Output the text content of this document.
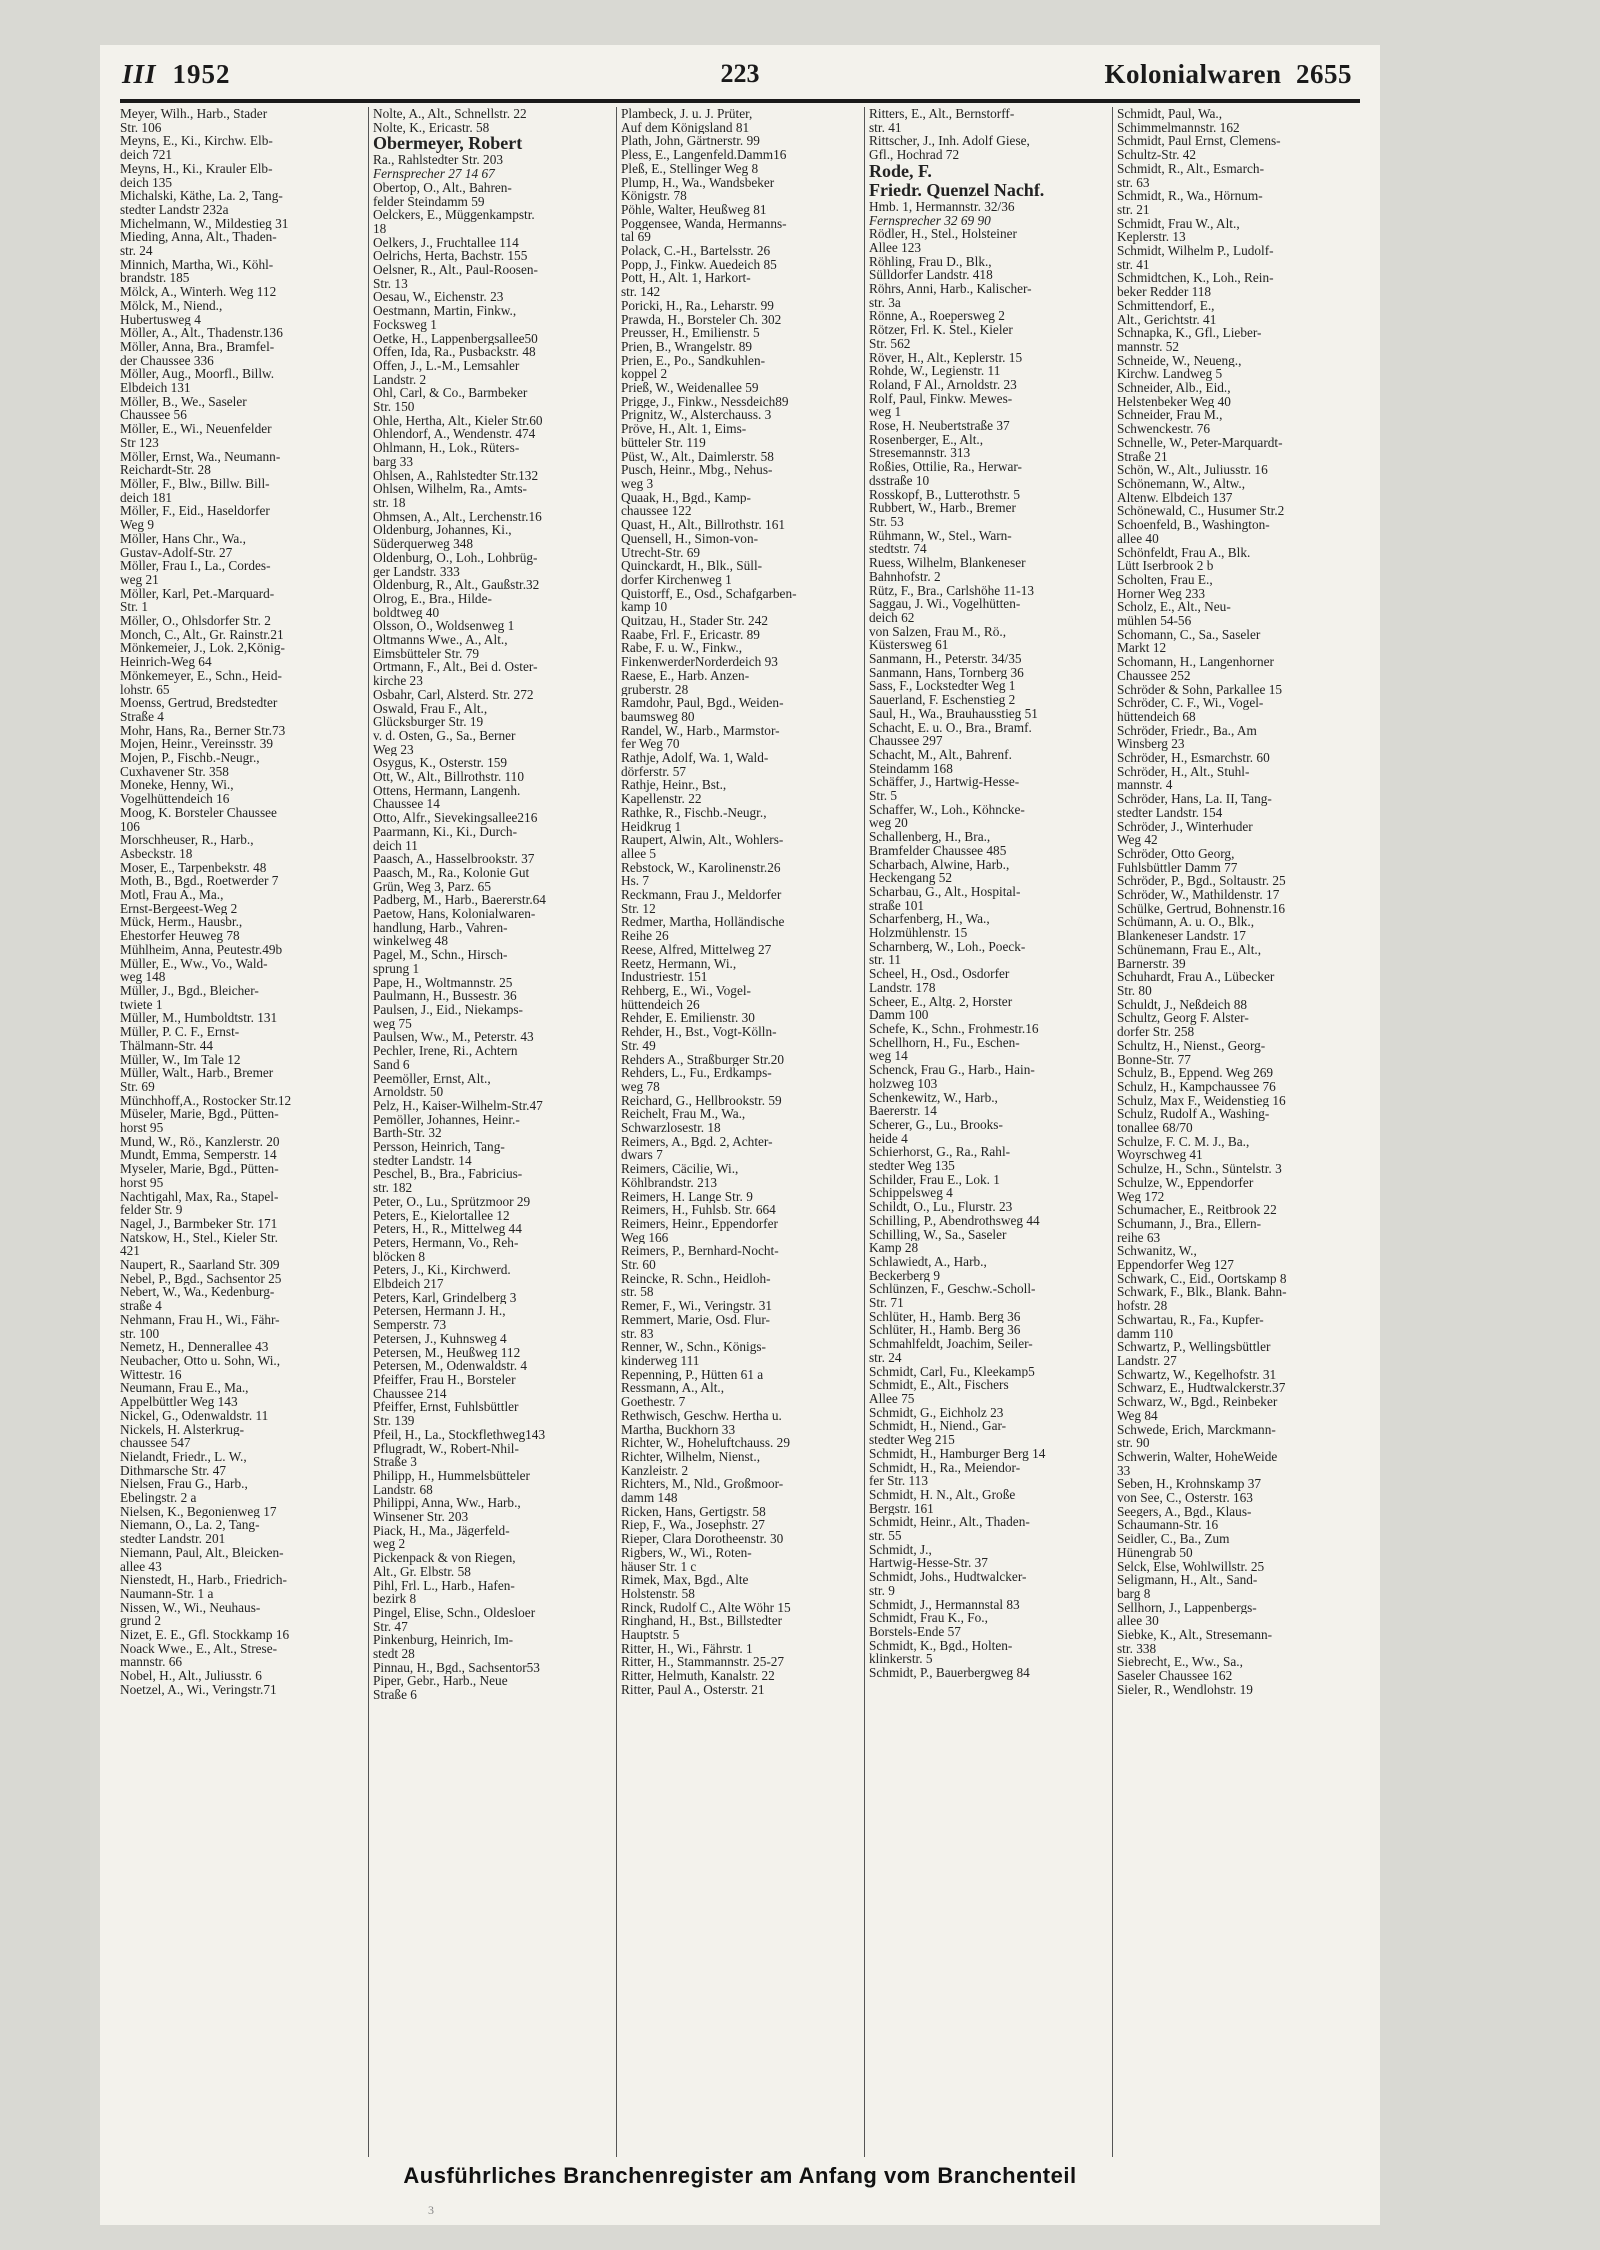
III 1952	223	Kolonialwaren 2655
Meyer, Wilh., Harb., Stader
Str. 106
Meyns, E., Ki., Kirchw. Elb-
deich 721
Meyns, H., Ki., Krauler Elb-
deich 135
Michalski, Käthe, La. 2, Tang-
stedter Landstr 232a
Michelmann, W., Mildestieg 31
Mieding, Anna, Alt., Thaden-
str. 24
Minnich, Martha, Wi., Köhl-
brandstr. 185
Mölck, A., Winterh. Weg 112
Mölck, M., Niend.,
Hubertusweg 4
Möller, A., Alt., Thadenstr.136
Möller, Anna, Bra., Bramfel-
der Chaussee 336
Möller, Aug., Moorfl., Billw.
Elbdeich 131
Möller, B., We., Saseler
Chaussee 56
Möller, E., Wi., Neuenfelder
Str 123
Möller, Ernst, Wa., Neumann-
Reichardt-Str. 28
Möller, F., Blw., Billw. Bill-
deich 181
Möller, F., Eid., Haseldorfer
Weg 9
Möller, Hans Chr., Wa.,
Gustav-Adolf-Str. 27
Möller, Frau I., La., Cordes-
weg 21
Möller, Karl, Pet.-Marquard-
Str. 1
Möller, O., Ohlsdorfer Str. 2
Monch, C., Alt., Gr. Rainstr.21
Mönkemeier, J., Lok. 2,König-
Heinrich-Weg 64
Mönkemeyer, E., Schn., Heid-
lohstr. 65
Moenss, Gertrud, Bredstedter
Straße 4
Mohr, Hans, Ra., Berner Str.73
Mojen, Heinr., Vereinsstr. 39
Mojen, P., Fischb.-Neugr.,
Cuxhavener Str. 358
Moneke, Henny, Wi.,
Vogelhüttendeich 16
Moog, K. Borsteler Chaussee
106
Morschheuser, R., Harb.,
Asbeckstr. 18
Moser, E., Tarpenbekstr. 48
Moth, B., Bgd., Roetwerder 7
Motl, Frau A., Ma.,
Ernst-Bergeest-Weg 2
Mück, Herm., Hausbr.,
Ehestorfer Heuweg 78
Mühlheim, Anna, Peutestr.49b
Müller, E., Ww., Vo., Wald-
weg 148
Müller, J., Bgd., Bleicher-
twiete 1
Müller, M., Humboldtstr. 131
Müller, P. C. F., Ernst-
Thälmann-Str. 44
Müller, W., Im Tale 12
Müller, Walt., Harb., Bremer
Str. 69
Münchhoff,A., Rostocker Str.12
Müseler, Marie, Bgd., Pütten-
horst 95
Mund, W., Rö., Kanzlerstr. 20
Mundt, Emma, Semperstr. 14
Myseler, Marie, Bgd., Pütten-
horst 95
Nachtigahl, Max, Ra., Stapel-
felder Str. 9
Nagel, J., Barmbeker Str. 171
Natskow, H., Stel., Kieler Str.
421
Naupert, R., Saarland Str. 309
Nebel, P., Bgd., Sachsentor 25
Nebert, W., Wa., Kedenburg-
straße 4
Nehmann, Frau H., Wi., Fähr-
str. 100
Nemetz, H., Dennerallee 43
Neubacher, Otto u. Sohn, Wi.,
Wittestr. 16
Neumann, Frau E., Ma.,
Appelbüttler Weg 143
Nickel, G., Odenwaldstr. 11
Nickels, H. Alsterkrug-
chaussee 547
Nielandt, Friedr., L. W.,
Dithmarsche Str. 47
Nielsen, Frau G., Harb.,
Ebelingstr. 2 a
Nielsen, K., Begonienweg 17
Niemann, O., La. 2, Tang-
stedter Landstr. 201
Niemann, Paul, Alt., Bleicken-
allee 43
Nienstedt, H., Harb., Friedrich-
Naumann-Str. 1 a
Nissen, W., Wi., Neuhaus-
grund 2
Nizet, E. E., Gfl. Stockkamp 16
Noack Wwe., E., Alt., Strese-
mannstr. 66
Nobel, H., Alt., Juliusstr. 6
Noetzel, A., Wi., Veringstr.71
Nolte, A., Alt., Schnellstr. 22
Nolte, K., Ericastr. 58
Obermeyer, Robert
Ra., Rahlstedter Str. 203
Fernsprecher 27 14 67
Obertop, O., Alt., Bahren-
felder Steindamm 59
Oelckers, E., Müggenkampstr.
18
Oelkers, J., Fruchtallee 114
Oelrichs, Herta, Bachstr. 155
Oelsner, R., Alt., Paul-Roosen-
Str. 13
Oesau, W., Eichenstr. 23
Oestmann, Martin, Finkw.,
Focksweg 1
Oetke, H., Lappenbergsallee50
Offen, Ida, Ra., Pusbackstr. 48
Offen, J., L.-M., Lemsahler
Landstr. 2
Ohl, Carl, & Co., Barmbeker
Str. 150
Ohle, Hertha, Alt., Kieler Str.60
Ohlendorf, A., Wendenstr. 474
Ohlmann, H., Lok., Rüters-
barg 33
Ohlsen, A., Rahlstedter Str.132
Ohlsen, Wilhelm, Ra., Amts-
str. 18
Ohmsen, A., Alt., Lerchenstr.16
Oldenburg, Johannes, Ki.,
Süderquerweg 348
Oldenburg, O., Loh., Lohbrüg-
ger Landstr. 333
Oldenburg, R., Alt., Gaußstr.32
Olrog, E., Bra., Hilde-
boldtweg 40
Olsson, O., Woldsenweg 1
Oltmanns Wwe., A., Alt.,
Eimsbütteler Str. 79
Ortmann, F., Alt., Bei d. Oster-
kirche 23
Osbahr, Carl, Alsterd. Str. 272
Oswald, Frau F., Alt.,
Glücksburger Str. 19
v. d. Osten, G., Sa., Berner
Weg 23
Osygus, K., Osterstr. 159
Ott, W., Alt., Billrothstr. 110
Ottens, Hermann, Langenh.
Chaussee 14
Otto, Alfr., Sievekingsallee216
Paarmann, Ki., Ki., Durch-
deich 11
Paasch, A., Hasselbrookstr. 37
Paasch, M., Ra., Kolonie Gut
Grün, Weg 3, Parz. 65
Padberg, M., Harb., Baererstr.64
Paetow, Hans, Kolonialwaren-
handlung, Harb., Vahren-
winkelweg 48
Pagel, M., Schn., Hirsch-
sprung 1
Pape, H., Woltmannstr. 25
Paulmann, H., Bussestr. 36
Paulsen, J., Eid., Niekamps-
weg 75
Paulsen, Ww., M., Peterstr. 43
Pechler, Irene, Ri., Achtern
Sand 6
Peemöller, Ernst, Alt.,
Arnoldstr. 50
Pelz, H., Kaiser-Wilhelm-Str.47
Pemöller, Johannes, Heinr.-
Barth-Str. 32
Persson, Heinrich, Tang-
stedter Landstr. 14
Peschel, B., Bra., Fabricius-
str. 182
Peter, O., Lu., Sprützmoor 29
Peters, E., Kielortallee 12
Peters, H., R., Mittelweg 44
Peters, Hermann, Vo., Reh-
blöcken 8
Peters, J., Ki., Kirchwerd.
Elbdeich 217
Peters, Karl, Grindelberg 3
Petersen, Hermann J. H.,
Semperstr. 73
Petersen, J., Kuhnsweg 4
Petersen, M., Heußweg 112
Petersen, M., Odenwaldstr. 4
Pfeiffer, Frau H., Borsteler
Chaussee 214
Pfeiffer, Ernst, Fuhlsbüttler
Str. 139
Pfeil, H., La., Stockflethweg143
Pflugradt, W., Robert-Nhil-
Straße 3
Philipp, H., Hummelsbütteler
Landstr. 68
Philippi, Anna, Ww., Harb.,
Winsener Str. 203
Piack, H., Ma., Jägerfeld-
weg 2
Pickenpack & von Riegen,
Alt., Gr. Elbstr. 58
Pihl, Frl. L., Harb., Hafen-
bezirk 8
Pingel, Elise, Schn., Oldesloer
Str. 47
Pinkenburg, Heinrich, Im-
stedt 28
Pinnau, H., Bgd., Sachsentor53
Piper, Gebr., Harb., Neue
Straße 6
Plambeck, J. u. J. Prüter,
Auf dem Königsland 81
Plath, John, Gärtnerstr. 99
Pless, E., Langenfeld.Damm16
Pleß, E., Stellinger Weg 8
Plump, H., Wa., Wandsbeker
Königstr. 78
Pöhle, Walter, Heußweg 81
Poggensee, Wanda, Hermanns-
tal 69
Polack, C.-H., Bartelsstr. 26
Popp, J., Finkw. Auedeich 85
Pott, H., Alt. 1, Harkort-
str. 142
Poricki, H., Ra., Leharstr. 99
Prawda, H., Borsteler Ch. 302
Preusser, H., Emilienstr. 5
Prien, B., Wrangelstr. 89
Prien, E., Po., Sandkuhlen-
koppel 2
Prieß, W., Weidenallee 59
Prigge, J., Finkw., Nessdeich89
Prignitz, W., Alsterchauss. 3
Pröve, H., Alt. 1, Eims-
bütteler Str. 119
Püst, W., Alt., Daimlerstr. 58
Pusch, Heinr., Mbg., Nehus-
weg 3
Quaak, H., Bgd., Kamp-
chaussee 122
Quast, H., Alt., Billrothstr. 161
Quensell, H., Simon-von-
Utrecht-Str. 69
Quinckardt, H., Blk., Süll-
dorfer Kirchenweg 1
Quistorff, E., Osd., Schafgarben-
kamp 10
Quitzau, H., Stader Str. 242
Raabe, Frl. F., Ericastr. 89
Rabe, F. u. W., Finkw.,
FinkenwerderNorderdeich 93
Raese, E., Harb. Anzen-
gruberstr. 28
Ramdohr, Paul, Bgd., Weiden-
baumsweg 80
Randel, W., Harb., Marmstor-
fer Weg 70
Rathje, Adolf, Wa. 1, Wald-
dörferstr. 57
Rathje, Heinr., Bst.,
Kapellenstr. 22
Rathke, R., Fischb.-Neugr.,
Heidkrug 1
Raupert, Alwin, Alt., Wohlers-
allee 5
Rebstock, W., Karolinenstr.26
Hs. 7
Reckmann, Frau J., Meldorfer
Str. 12
Redmer, Martha, Holländische
Reihe 26
Reese, Alfred, Mittelweg 27
Reetz, Hermann, Wi.,
Industriestr. 151
Rehberg, E., Wi., Vogel-
hüttendeich 26
Rehder, E. Emilienstr. 30
Rehder, H., Bst., Vogt-Kölln-
Str. 49
Rehders A., Straßburger Str.20
Rehders, L., Fu., Erdkamps-
weg 78
Reichard, G., Hellbrookstr. 59
Reichelt, Frau M., Wa.,
Schwarzlosestr. 18
Reimers, A., Bgd. 2, Achter-
dwars 7
Reimers, Cäcilie, Wi.,
Köhlbrandstr. 213
Reimers, H. Lange Str. 9
Reimers, H., Fuhlsb. Str. 664
Reimers, Heinr., Eppendorfer
Weg 166
Reimers, P., Bernhard-Nocht-
Str. 60
Reincke, R. Schn., Heidloh-
str. 58
Remer, F., Wi., Veringstr. 31
Remmert, Marie, Osd. Flur-
str. 83
Renner, W., Schn., Königs-
kinderweg 111
Repenning, P., Hütten 61 a
Ressmann, A., Alt.,
Goethestr. 7
Rethwisch, Geschw. Hertha u.
Martha, Buckhorn 33
Richter, W., Hoheluftchauss. 29
Richter, Wilhelm, Nienst.,
Kanzleistr. 2
Richters, M., Nld., Großmoor-
damm 148
Ricken, Hans, Gertigstr. 58
Riep, F., Wa., Josephstr. 27
Rieper, Clara Dorotheenstr. 30
Rigbers, W., Wi., Roten-
häuser Str. 1 c
Rimek, Max, Bgd., Alte
Holstenstr. 58
Rinck, Rudolf C., Alte Wöhr 15
Ringhand, H., Bst., Billstedter
Hauptstr. 5
Ritter, H., Wi., Fährstr. 1
Ritter, H., Stammannstr. 25-27
Ritter, Helmuth, Kanalstr. 22
Ritter, Paul A., Osterstr. 21
Ritters, E., Alt., Bernstorff-
str. 41
Rittscher, J., Inh. Adolf Giese,
Gfl., Hochrad 72
Rode, F.
Friedr. Quenzel Nachf.
Hmb. 1, Hermannstr. 32/36
Fernsprecher 32 69 90
Rödler, H., Stel., Holsteiner
Allee 123
Röhling, Frau D., Blk.,
Sülldorfer Landstr. 418
Röhrs, Anni, Harb., Kalischer-
str. 3a
Rönne, A., Roepersweg 2
Rötzer, Frl. K. Stel., Kieler
Str. 562
Röver, H., Alt., Keplerstr. 15
Rohde, W., Legienstr. 11
Roland, F Al., Arnoldstr. 23
Rolf, Paul, Finkw. Mewes-
weg 1
Rose, H. Neubertstraße 37
Rosenberger, E., Alt.,
Stresemannstr. 313
Roßies, Ottilie, Ra., Herwar-
dsstraße 10
Rosskopf, B., Lutterothstr. 5
Rubbert, W., Harb., Bremer
Str. 53
Rühmann, W., Stel., Warn-
stedtstr. 74
Ruess, Wilhelm, Blankeneser
Bahnhofstr. 2
Rütz, F., Bra., Carlshöhe 11-13
Saggau, J. Wi., Vogelhütten-
deich 62
von Salzen, Frau M., Rö.,
Küstersweg 61
Sanmann, H., Peterstr. 34/35
Sanmann, Hans, Tornberg 36
Sass, F., Lockstedter Weg 1
Sauerland, F. Eschenstieg 2
Saul, H., Wa., Brauhausstieg 51
Schacht, E. u. O., Bra., Bramf.
Chaussee 297
Schacht, M., Alt., Bahrenf.
Steindamm 168
Schäffer, J., Hartwig-Hesse-
Str. 5
Schaffer, W., Loh., Köhncke-
weg 20
Schallenberg, H., Bra.,
Bramfelder Chaussee 485
Scharbach, Alwine, Harb.,
Heckengang 52
Scharbau, G., Alt., Hospital-
straße 101
Scharfenberg, H., Wa.,
Holzmühlenstr. 15
Scharnberg, W., Loh., Poeck-
str. 11
Scheel, H., Osd., Osdorfer
Landstr. 178
Scheer, E., Altg. 2, Horster
Damm 100
Schefe, K., Schn., Frohmestr.16
Schellhorn, H., Fu., Eschen-
weg 14
Schenck, Frau G., Harb., Hain-
holzweg 103
Schenkewitz, W., Harb.,
Baererstr. 14
Scherer, G., Lu., Brooks-
heide 4
Schierhorst, G., Ra., Rahl-
stedter Weg 135
Schilder, Frau E., Lok. 1
Schippelsweg 4
Schildt, O., Lu., Flurstr. 23
Schilling, P., Abendrothsweg 44
Schilling, W., Sa., Saseler
Kamp 28
Schlawiedt, A., Harb.,
Beckerberg 9
Schlünzen, F., Geschw.-Scholl-
Str. 71
Schlüter, H., Hamb. Berg 36
Schlüter, H., Hamb. Berg 36
Schmahlfeldt, Joachim, Seiler-
str. 24
Schmidt, Carl, Fu., Kleekamp5
Schmidt, E., Alt., Fischers
Allee 75
Schmidt, G., Eichholz 23
Schmidt, H., Niend., Gar-
stedter Weg 215
Schmidt, H., Hamburger Berg 14
Schmidt, H., Ra., Meiendor-
fer Str. 113
Schmidt, H. N., Alt., Große
Bergstr. 161
Schmidt, Heinr., Alt., Thaden-
str. 55
Schmidt, J.,
Hartwig-Hesse-Str. 37
Schmidt, Johs., Hudtwalcker-
str. 9
Schmidt, J., Hermannstal 83
Schmidt, Frau K., Fo.,
Borstels-Ende 57
Schmidt, K., Bgd., Holten-
klinkerstr. 5
Schmidt, P., Bauerbergweg 84
Schmidt, Paul, Wa.,
Schimmelmannstr. 162
Schmidt, Paul Ernst, Clemens-
Schultz-Str. 42
Schmidt, R., Alt., Esmarch-
str. 63
Schmidt, R., Wa., Hörnum-
str. 21
Schmidt, Frau W., Alt.,
Keplerstr. 13
Schmidt, Wilhelm P., Ludolf-
str. 41
Schmidtchen, K., Loh., Rein-
beker Redder 118
Schmittendorf, E.,
Alt., Gerichtstr. 41
Schnapka, K., Gfl., Lieber-
mannstr. 52
Schneide, W., Neueng.,
Kirchw. Landweg 5
Schneider, Alb., Eid.,
Helstenbeker Weg 40
Schneider, Frau M.,
Schwenckestr. 76
Schnelle, W., Peter-Marquardt-
Straße 21
Schön, W., Alt., Juliusstr. 16
Schönemann, W., Altw.,
Altenw. Elbdeich 137
Schönewald, C., Husumer Str.2
Schoenfeld, B., Washington-
allee 40
Schönfeldt, Frau A., Blk.
Lütt Iserbrook 2 b
Scholten, Frau E.,
Horner Weg 233
Scholz, E., Alt., Neu-
mühlen 54-56
Schomann, C., Sa., Saseler
Markt 12
Schomann, H., Langenhorner
Chaussee 252
Schröder & Sohn, Parkallee 15
Schröder, C. F., Wi., Vogel-
hüttendeich 68
Schröder, Friedr., Ba., Am
Winsberg 23
Schröder, H., Esmarchstr. 60
Schröder, H., Alt., Stuhl-
mannstr. 4
Schröder, Hans, La. II, Tang-
stedter Landstr. 154
Schröder, J., Winterhuder
Weg 42
Schröder, Otto Georg,
Fuhlsbüttler Damm 77
Schröder, P., Bgd., Soltaustr. 25
Schröder, W., Mathildenstr. 17
Schülke, Gertrud, Bohnenstr.16
Schümann, A. u. O., Blk.,
Blankeneser Landstr. 17
Schünemann, Frau E., Alt.,
Barnerstr. 39
Schuhardt, Frau A., Lübecker
Str. 80
Schuldt, J., Neßdeich 88
Schultz, Georg F. Alster-
dorfer Str. 258
Schultz, H., Nienst., Georg-
Bonne-Str. 77
Schulz, B., Eppend. Weg 269
Schulz, H., Kampchaussee 76
Schulz, Max F., Weidenstieg 16
Schulz, Rudolf A., Washing-
tonallee 68/70
Schulze, F. C. M. J., Ba.,
Woyrschweg 41
Schulze, H., Schn., Süntelstr. 3
Schulze, W., Eppendorfer
Weg 172
Schumacher, E., Reitbrook 22
Schumann, J., Bra., Ellern-
reihe 63
Schwanitz, W.,
Eppendorfer Weg 127
Schwark, C., Eid., Oortskamp 8
Schwark, F., Blk., Blank. Bahn-
hofstr. 28
Schwartau, R., Fa., Kupfer-
damm 110
Schwartz, P., Wellingsbüttler
Landstr. 27
Schwartz, W., Kegelhofstr. 31
Schwarz, E., Hudtwalckerstr.37
Schwarz, W., Bgd., Reinbeker
Weg 84
Schwede, Erich, Marckmann-
str. 90
Schwerin, Walter, HoheWeide
33
Seben, H., Krohnskamp 37
von See, C., Osterstr. 163
Seegers, A., Bgd., Klaus-
Schaumann-Str. 16
Seidler, C., Ba., Zum
Hünengrab 50
Selck, Else, Wohlwillstr. 25
Seligmann, H., Alt., Sand-
barg 8
Sellhorn, J., Lappenbergs-
allee 30
Siebke, K., Alt., Stresemann-
str. 338
Siebrecht, E., Ww., Sa.,
Saseler Chaussee 162
Sieler, R., Wendlohstr. 19
Ausführliches Branchenregister am Anfang vom Branchenteil
3
